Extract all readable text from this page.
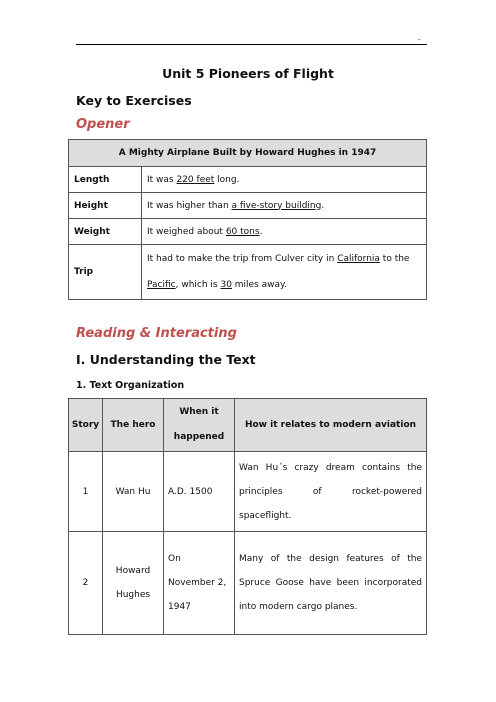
-
Unit 5 Pioneers of Flight
Key to Exercises
Opener
A Mighty Airplane Built by Howard Hughes in 1947	
Length	It was 220 feet long.
Height	It was higher than a five-story building.
Weight	It weighed about 60 tons.
Trip	It had to make the trip from Culver city in California to the Pacific, which is 30 miles away.
Reading & Interacting
I. Understanding the Text
1. Text Organization
Story	The hero	When it happened	How it relates to modern aviation
1	Wan Hu	A.D. 1500	Wan Hu´s crazy dream contains the principles of rocket-powered spaceflight.
2	Howard Hughes	On November 2, 1947	Many of the design features of the Spruce Goose have been incorporated into modern cargo planes.
